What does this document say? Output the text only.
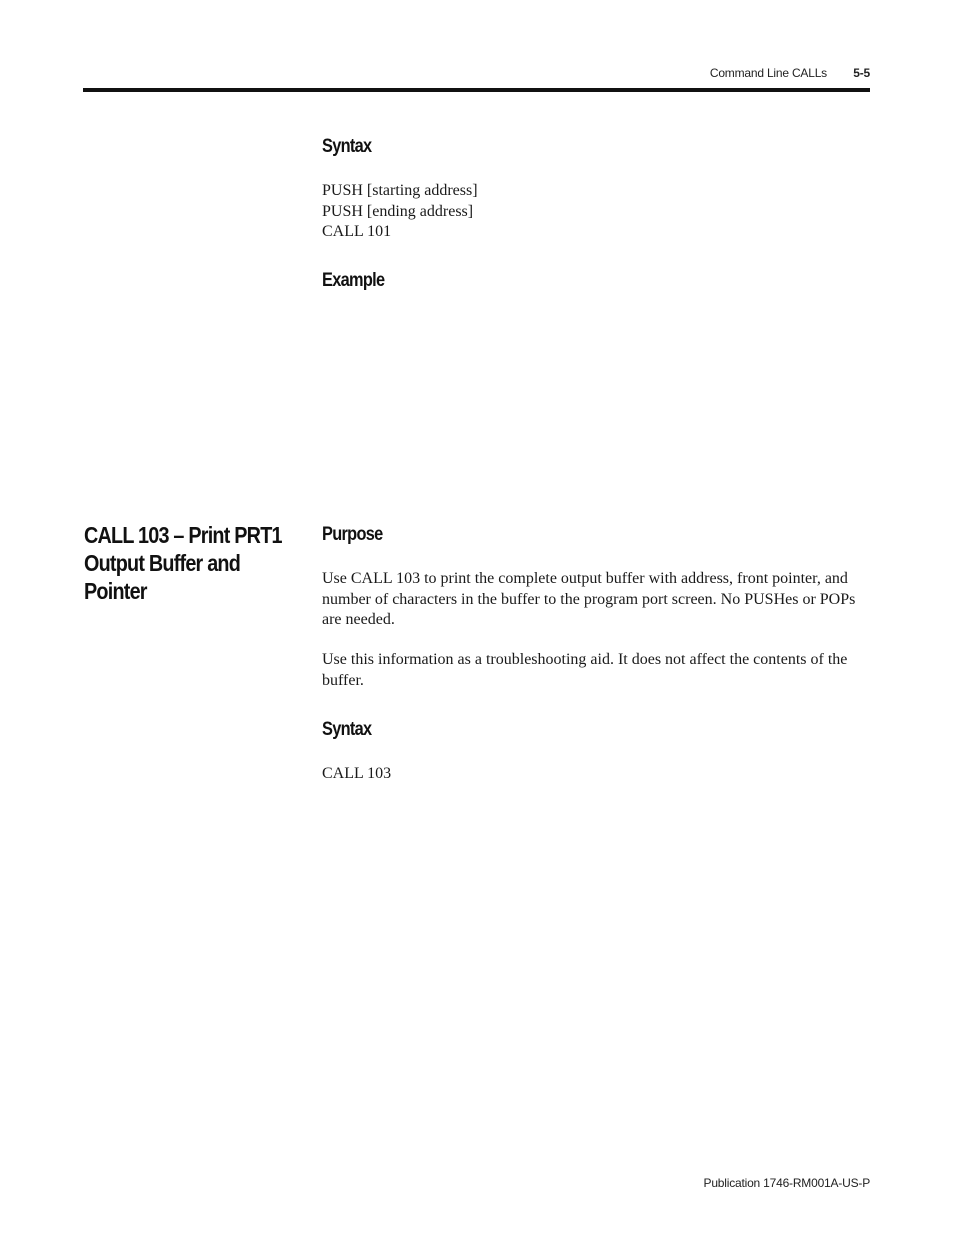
Command Line CALLs 5-5
Syntax
PUSH [starting address]
PUSH [ending address]
CALL 101
Example
CALL 103 – Print PRT1 Output Buffer and Pointer
Purpose
Use CALL 103 to print the complete output buffer with address, front pointer, and number of characters in the buffer to the program port screen. No PUSHes or POPs are needed.
Use this information as a troubleshooting aid. It does not affect the contents of the buffer.
Syntax
CALL 103
Publication 1746-RM001A-US-P
